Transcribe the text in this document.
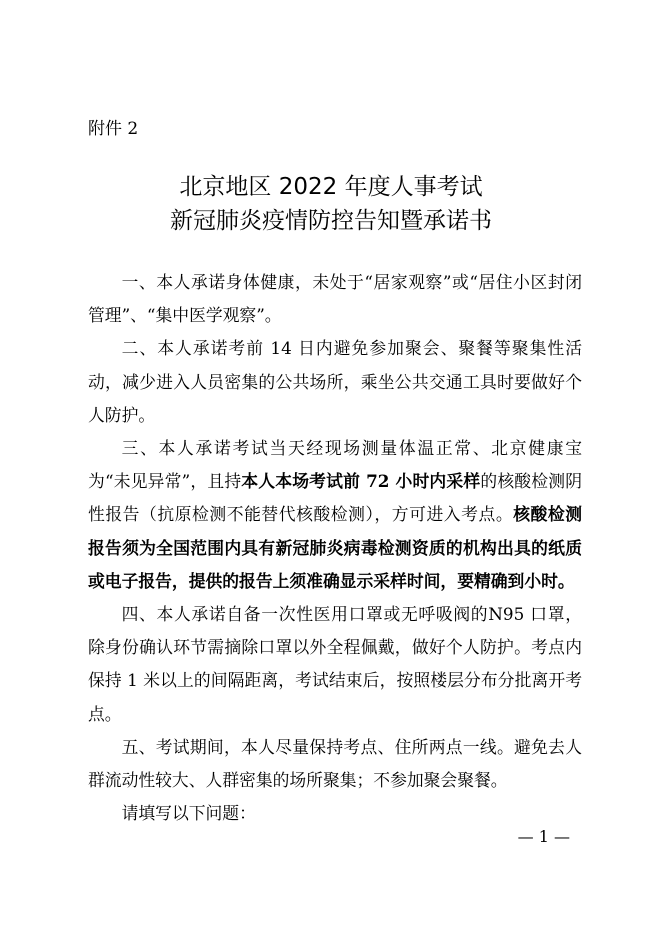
附件 2
北京地区 2022 年度人事考试
新冠肺炎疫情防控告知暨承诺书

一、本人承诺身体健康，未处于“居家观察”或“居住小区封闭管理”、“集中医学观察”。

二、本人承诺考前 14 日内避免参加聚会、聚餐等聚集性活动，减少进入人员密集的公共场所，乘坐公共交通工具时要做好个人防护。

三、本人承诺考试当天经现场测量体温正常、北京健康宝为“未见异常”，且持本人本场考试前 72 小时内采样的核酸检测阴性报告（抗原检测不能替代核酸检测），方可进入考点。核酸检测报告须为全国范围内具有新冠肺炎病毒检测资质的机构出具的纸质或电子报告，提供的报告上须准确显示采样时间，要精确到小时。

四、本人承诺自备一次性医用口罩或无呼吸阀的N95 口罩，除身份确认环节需摘除口罩以外全程佩戴，做好个人防护。考点内保持 1 米以上的间隔距离，考试结束后，按照楼层分布分批离开考点。

五、考试期间，本人尽量保持考点、住所两点一线。避免去人群流动性较大、人群密集的场所聚集；不参加聚会聚餐。

请填写以下问题：

— 1 —
